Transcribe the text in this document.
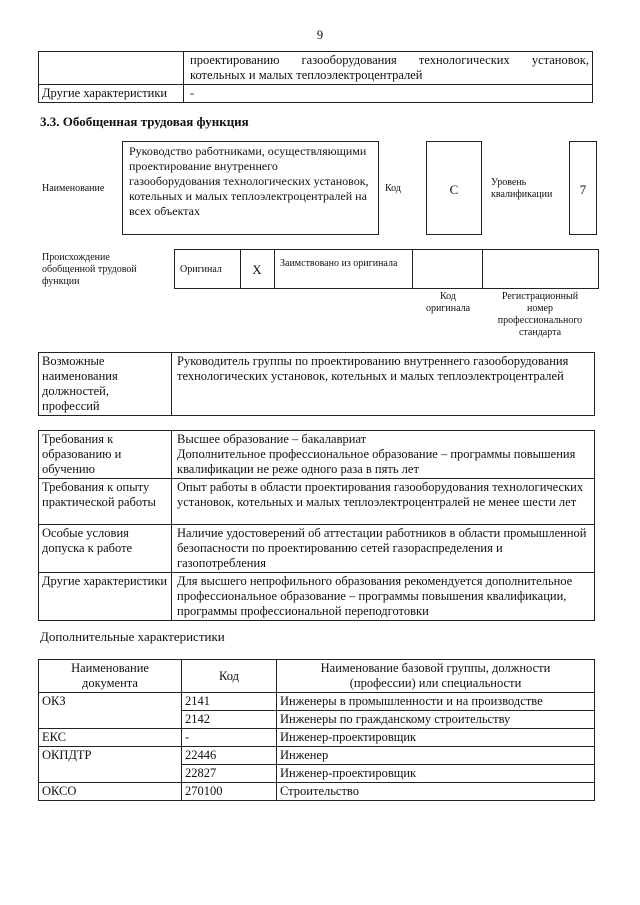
9

	проектированию газооборудования технологических установок,
котельных и малых теплоэлектроцентралей

Другие характеристики	-
3.3. Обобщенная трудовая функция
Наименование
Руководство работниками, осуществляющими проектирование внутреннего газооборудования технологических установок, котельных и малых теплоэлектроцентралей на всех объектах
Код	C	Уровень квалификации	7
Происхождение обобщенной трудовой функции
Оригинал	X	Заимствовано из оригинала
Код оригинала
Регистрационный номер профессионального стандарта
Возможные наименования должностей, профессий	Руководитель группы по проектированию внутреннего газооборудования технологических установок, котельных и малых теплоэлектроцентралей
Требования к образованию и обучению	Высшее образование – бакалавриат
Дополнительное профессиональное образование – программы повышения квалификации не реже одного раза в пять лет

Требования к опыту практической работы	Опыт работы в области проектирования газооборудования технологических установок, котельных и малых теплоэлектроцентралей не менее шести лет
Особые условия допуска к работе	Наличие удостоверений об аттестации работников в области промышленной безопасности по проектированию сетей газораспределения и газопотребления
Другие характеристики	Для высшего непрофильного образования рекомендуется дополнительное профессиональное образование – программы повышения квалификации, программы профессиональной переподготовки
Дополнительные характеристики
Наименование документа	Код	Наименование базовой группы, должности (профессии) или специальности
ОКЗ	2141	Инженеры в промышленности и на производстве
	2142	Инженеры по гражданскому строительству
ЕКС	-	Инженер-проектировщик
ОКПДТР	22446	Инженер
	22827	Инженер-проектировщик
ОКСО	270100	Строительство
